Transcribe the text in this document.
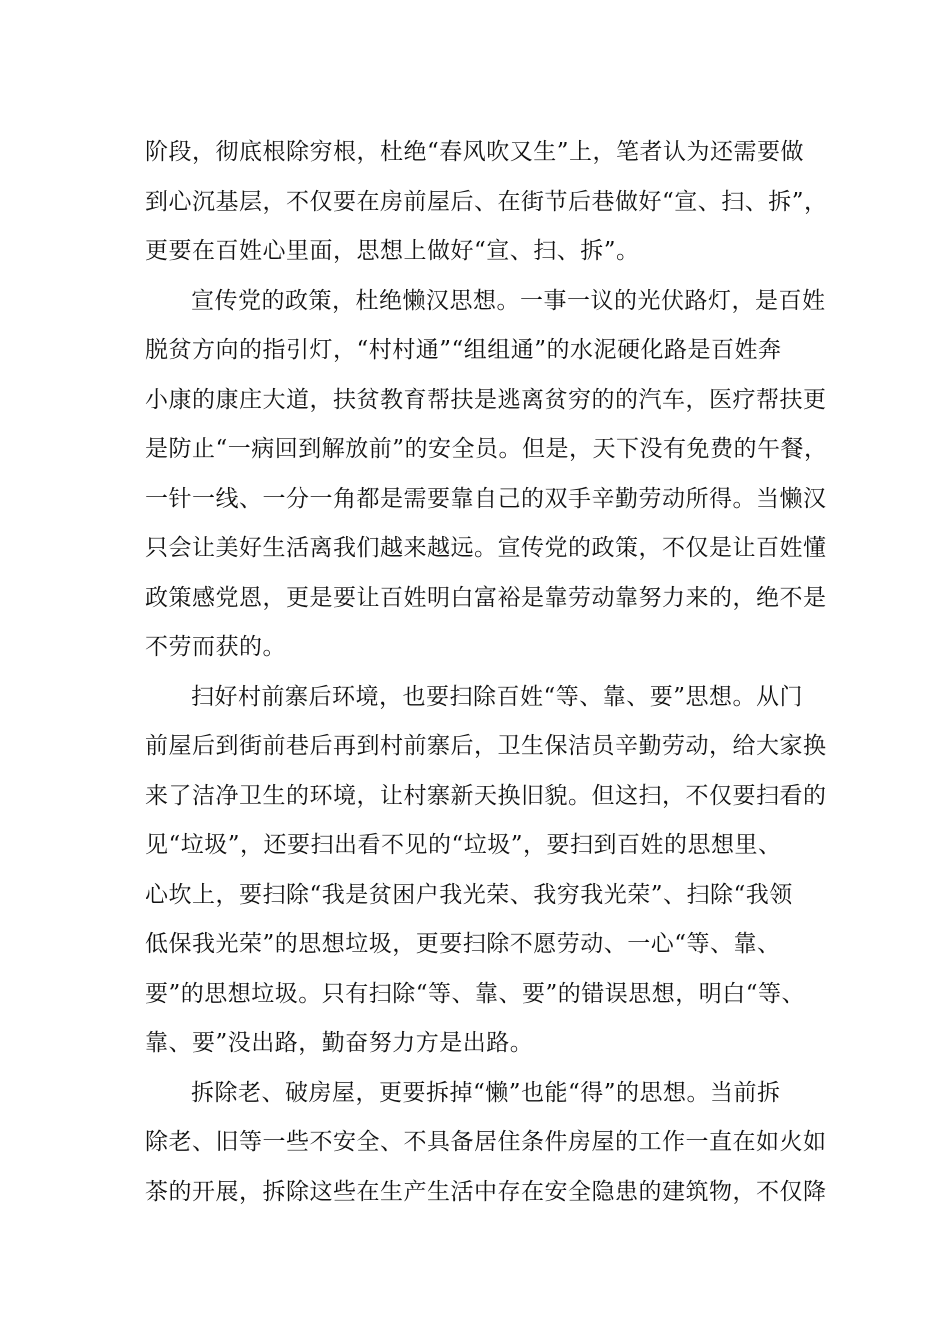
阶段，彻底根除穷根，杜绝“春风吹又生”上，笔者认为还需要做
到心沉基层，不仅要在房前屋后、在街节后巷做好“宣、扫、拆”，
更要在百姓心里面，思想上做好“宣、扫、拆”。
宣传党的政策，杜绝懒汉思想。一事一议的光伏路灯，是百姓
脱贫方向的指引灯，“村村通”“组组通”的水泥硬化路是百姓奔
小康的康庄大道，扶贫教育帮扶是逃离贫穷的的汽车，医疗帮扶更
是防止“一病回到解放前”的安全员。但是，天下没有免费的午餐，
一针一线、一分一角都是需要靠自己的双手辛勤劳动所得。当懒汉
只会让美好生活离我们越来越远。宣传党的政策，不仅是让百姓懂
政策感党恩，更是要让百姓明白富裕是靠劳动靠努力来的，绝不是
不劳而获的。
扫好村前寨后环境，也要扫除百姓“等、靠、要”思想。从门
前屋后到街前巷后再到村前寨后，卫生保洁员辛勤劳动，给大家换
来了洁净卫生的环境，让村寨新天换旧貌。但这扫，不仅要扫看的
见“垃圾”，还要扫出看不见的“垃圾”，要扫到百姓的思想里、
心坎上，要扫除“我是贫困户我光荣、我穷我光荣”、扫除“我领
低保我光荣”的思想垃圾，更要扫除不愿劳动、一心“等、靠、
要”的思想垃圾。只有扫除“等、靠、要”的错误思想，明白“等、
靠、要”没出路，勤奋努力方是出路。
拆除老、破房屋，更要拆掉“懒”也能“得”的思想。当前拆
除老、旧等一些不安全、不具备居住条件房屋的工作一直在如火如
茶的开展，拆除这些在生产生活中存在安全隐患的建筑物，不仅降
